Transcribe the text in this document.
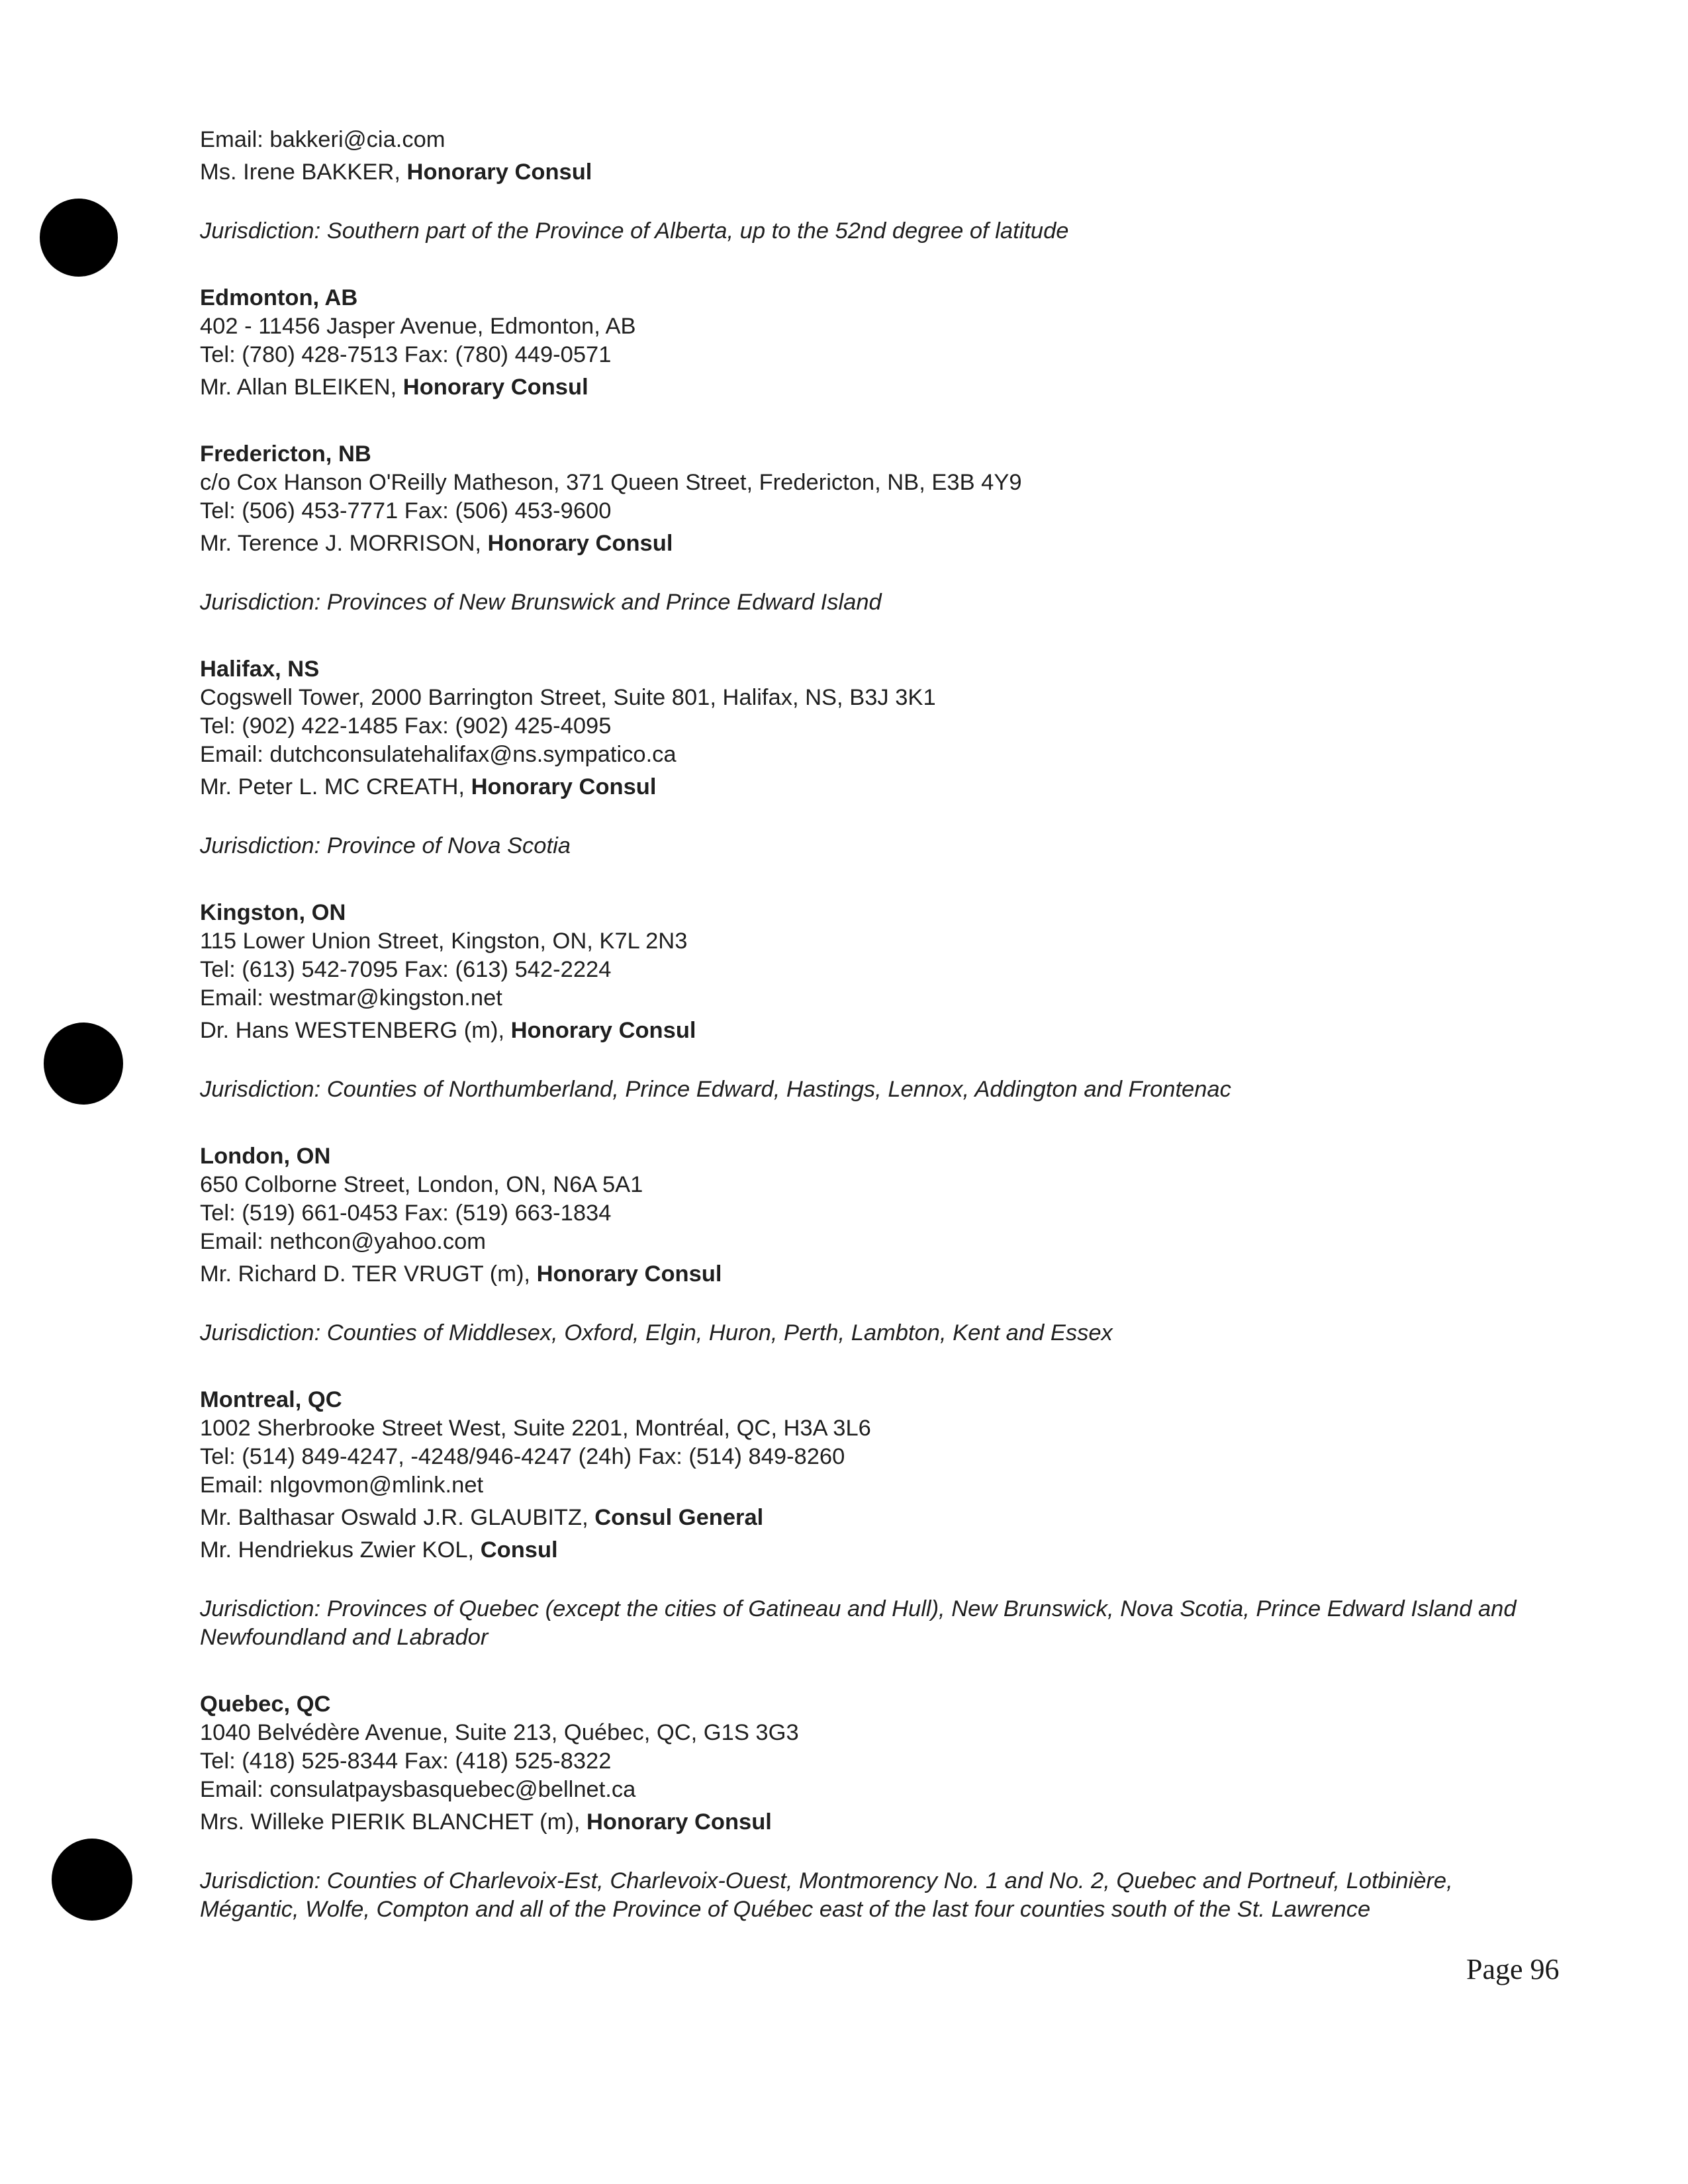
Email: bakkeri@cia.com
Ms. Irene BAKKER, Honorary Consul
Jurisdiction: Southern part of the Province of Alberta, up to the 52nd degree of latitude
Edmonton, AB
402 - 11456 Jasper Avenue, Edmonton, AB
Tel: (780) 428-7513 Fax: (780) 449-0571
Mr. Allan BLEIKEN, Honorary Consul
Fredericton, NB
c/o Cox Hanson O'Reilly Matheson, 371 Queen Street, Fredericton, NB, E3B 4Y9
Tel: (506) 453-7771 Fax: (506) 453-9600
Mr. Terence J. MORRISON, Honorary Consul
Jurisdiction: Provinces of New Brunswick and Prince Edward Island
Halifax, NS
Cogswell Tower, 2000 Barrington Street, Suite 801, Halifax, NS, B3J 3K1
Tel: (902) 422-1485 Fax: (902) 425-4095
Email: dutchconsulatehalifax@ns.sympatico.ca
Mr. Peter L. MC CREATH, Honorary Consul
Jurisdiction: Province of Nova Scotia
Kingston, ON
115 Lower Union Street, Kingston, ON, K7L 2N3
Tel: (613) 542-7095 Fax: (613) 542-2224
Email: westmar@kingston.net
Dr. Hans WESTENBERG (m), Honorary Consul
Jurisdiction: Counties of Northumberland, Prince Edward, Hastings, Lennox, Addington and Frontenac
London, ON
650 Colborne Street, London, ON, N6A 5A1
Tel: (519) 661-0453 Fax: (519) 663-1834
Email: nethcon@yahoo.com
Mr. Richard D. TER VRUGT (m), Honorary Consul
Jurisdiction: Counties of Middlesex, Oxford, Elgin, Huron, Perth, Lambton, Kent and Essex
Montreal, QC
1002 Sherbrooke Street West, Suite 2201, Montréal, QC, H3A 3L6
Tel: (514) 849-4247, -4248/946-4247 (24h) Fax: (514) 849-8260
Email: nlgovmon@mlink.net
Mr. Balthasar Oswald J.R. GLAUBITZ, Consul General
Mr. Hendriekus Zwier KOL, Consul
Jurisdiction: Provinces of Quebec (except the cities of Gatineau and Hull), New Brunswick, Nova Scotia, Prince Edward Island and Newfoundland and Labrador
Quebec, QC
1040 Belvédère Avenue, Suite 213, Québec, QC, G1S 3G3
Tel: (418) 525-8344 Fax: (418) 525-8322
Email: consulatpaysbasquebec@bellnet.ca
Mrs. Willeke PIERIK BLANCHET (m), Honorary Consul
Jurisdiction: Counties of Charlevoix-Est, Charlevoix-Ouest, Montmorency No. 1 and No. 2, Quebec and Portneuf, Lotbinière, Mégantic, Wolfe, Compton and all of the Province of Québec east of the last four counties south of the St. Lawrence
Page 96
